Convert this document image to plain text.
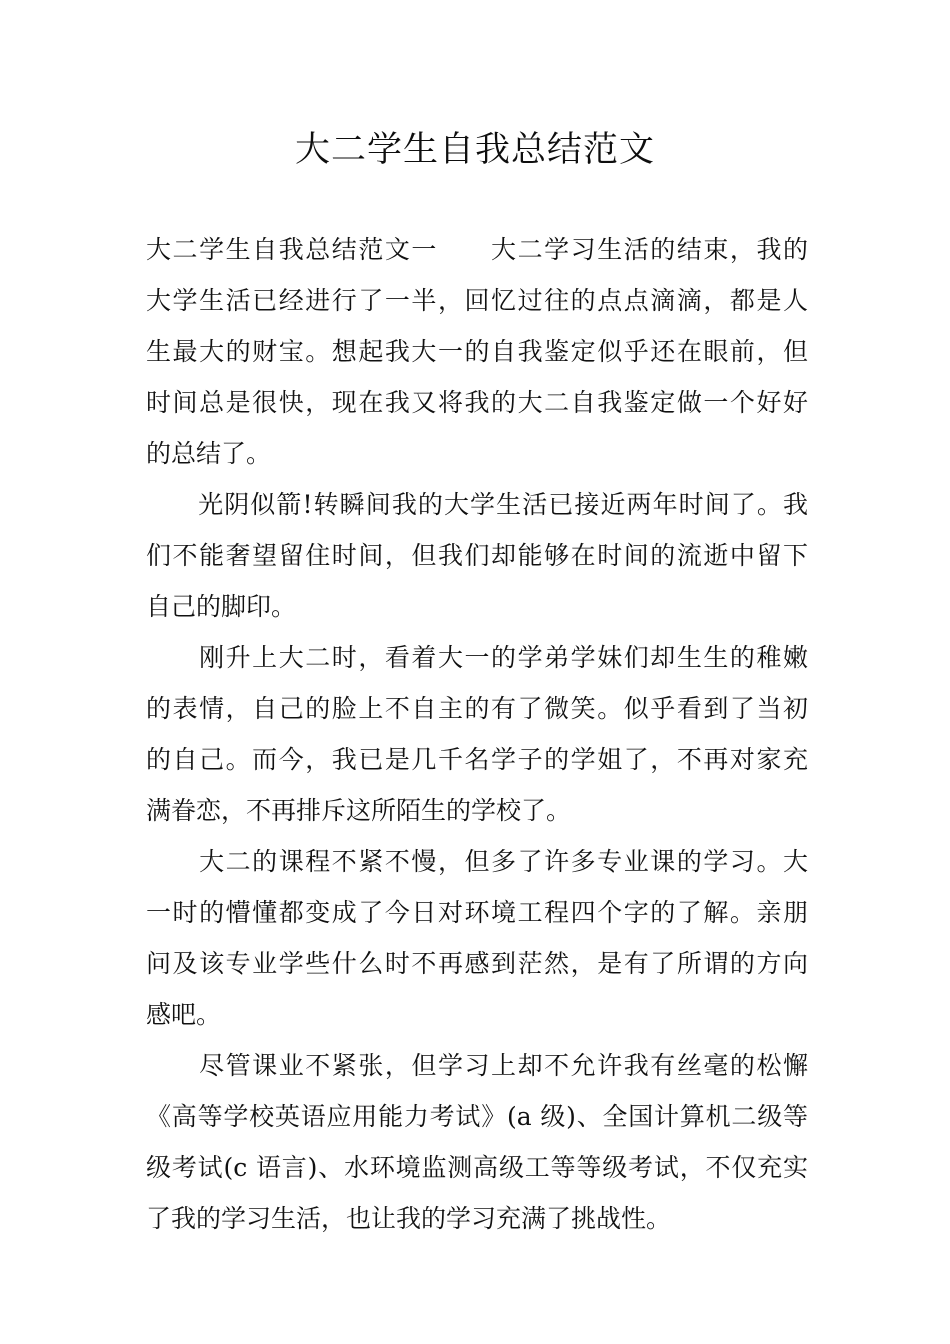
大二学生自我总结范文

大二学生自我总结范文一　　大二学习生活的结束，我的
大学生活已经进行了一半，回忆过往的点点滴滴，都是人
生最大的财宝。想起我大一的自我鉴定似乎还在眼前，但
时间总是很快，现在我又将我的大二自我鉴定做一个好好
的总结了。

　　光阴似箭!转瞬间我的大学生活已接近两年时间了。我
们不能奢望留住时间，但我们却能够在时间的流逝中留下
自己的脚印。

　　刚升上大二时，看着大一的学弟学妹们却生生的稚嫩
的表情，自己的脸上不自主的有了微笑。似乎看到了当初
的自己。而今，我已是几千名学子的学姐了，不再对家充
满眷恋，不再排斥这所陌生的学校了。

　　大二的课程不紧不慢，但多了许多专业课的学习。大
一时的懵懂都变成了今日对环境工程四个字的了解。亲朋
问及该专业学些什么时不再感到茫然，是有了所谓的方向
感吧。

　　尽管课业不紧张，但学习上却不允许我有丝毫的松懈
《高等学校英语应用能力考试》(a 级)、全国计算机二级等
级考试(c 语言)、水环境监测高级工等等级考试，不仅充实
了我的学习生活，也让我的学习充满了挑战性。
